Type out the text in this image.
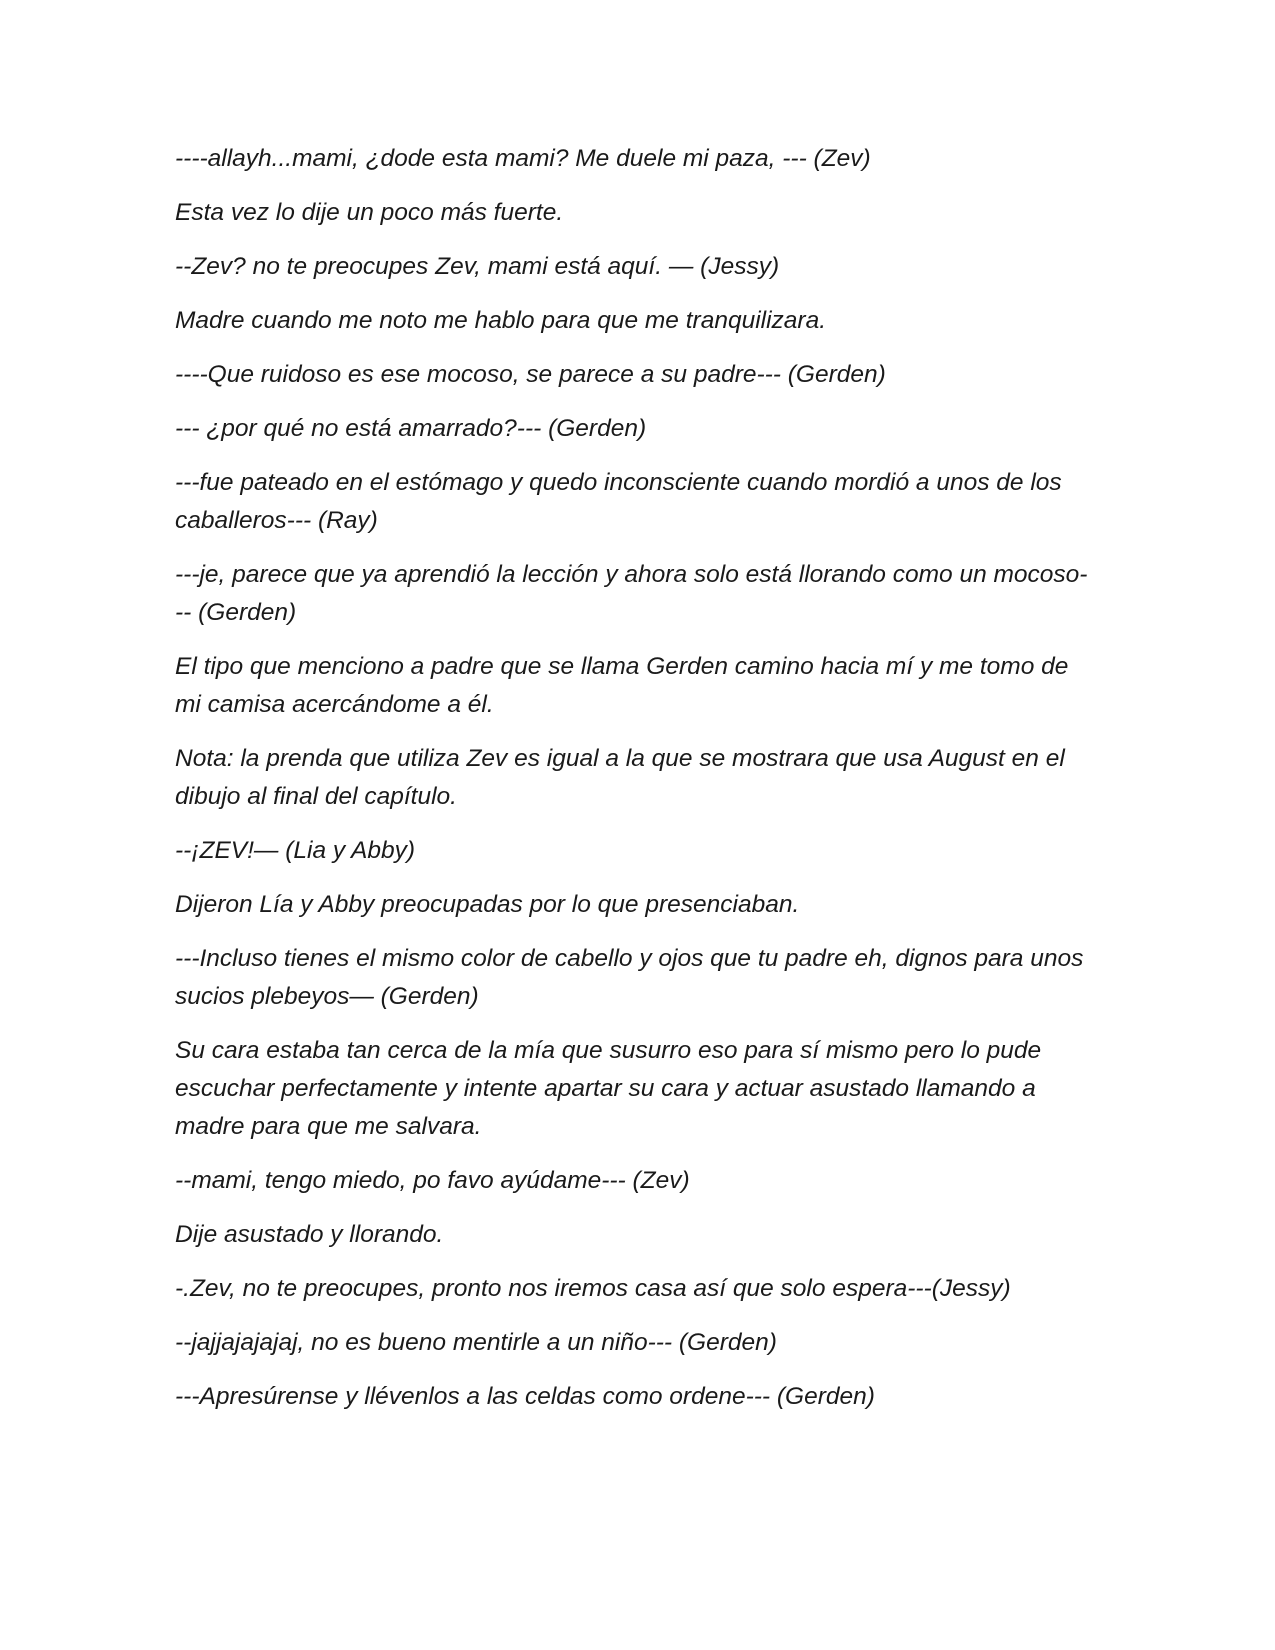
----allayh...mami, ¿dode esta mami? Me duele mi paza, --- (Zev)

Esta vez lo dije un poco más fuerte.

--Zev? no te preocupes Zev, mami está aquí. — (Jessy)

Madre cuando me noto me hablo para que me tranquilizara.

----Que ruidoso es ese mocoso, se parece a su padre--- (Gerden)

--- ¿por qué no está amarrado?--- (Gerden)

---fue pateado en el estómago y quedo inconsciente cuando mordió a unos de los caballeros--- (Ray)

---je, parece que ya aprendió la lección y ahora solo está llorando como un mocoso--- (Gerden)

El tipo que menciono a padre que se llama Gerden camino hacia mí y me tomo de mi camisa acercándome a él.

Nota: la prenda que utiliza Zev es igual a la que se mostrara que usa August en el dibujo al final del capítulo.

--¡ZEV!— (Lia y Abby)

Dijeron Lía y Abby preocupadas por lo que presenciaban.

---Incluso tienes el mismo color de cabello y ojos que tu padre eh, dignos para unos sucios plebeyos— (Gerden)

Su cara estaba tan cerca de la mía que susurro eso para sí mismo pero lo pude escuchar perfectamente y intente apartar su cara y actuar asustado llamando a madre para que me salvara.

--mami, tengo miedo, po favo ayúdame--- (Zev)

Dije asustado y llorando.

-.Zev, no te preocupes, pronto nos iremos casa así que solo espera---(Jessy)

--jajjajajajaj, no es bueno mentirle a un niño--- (Gerden)

---Apresúrense y llévenlos a las celdas como ordene--- (Gerden)
